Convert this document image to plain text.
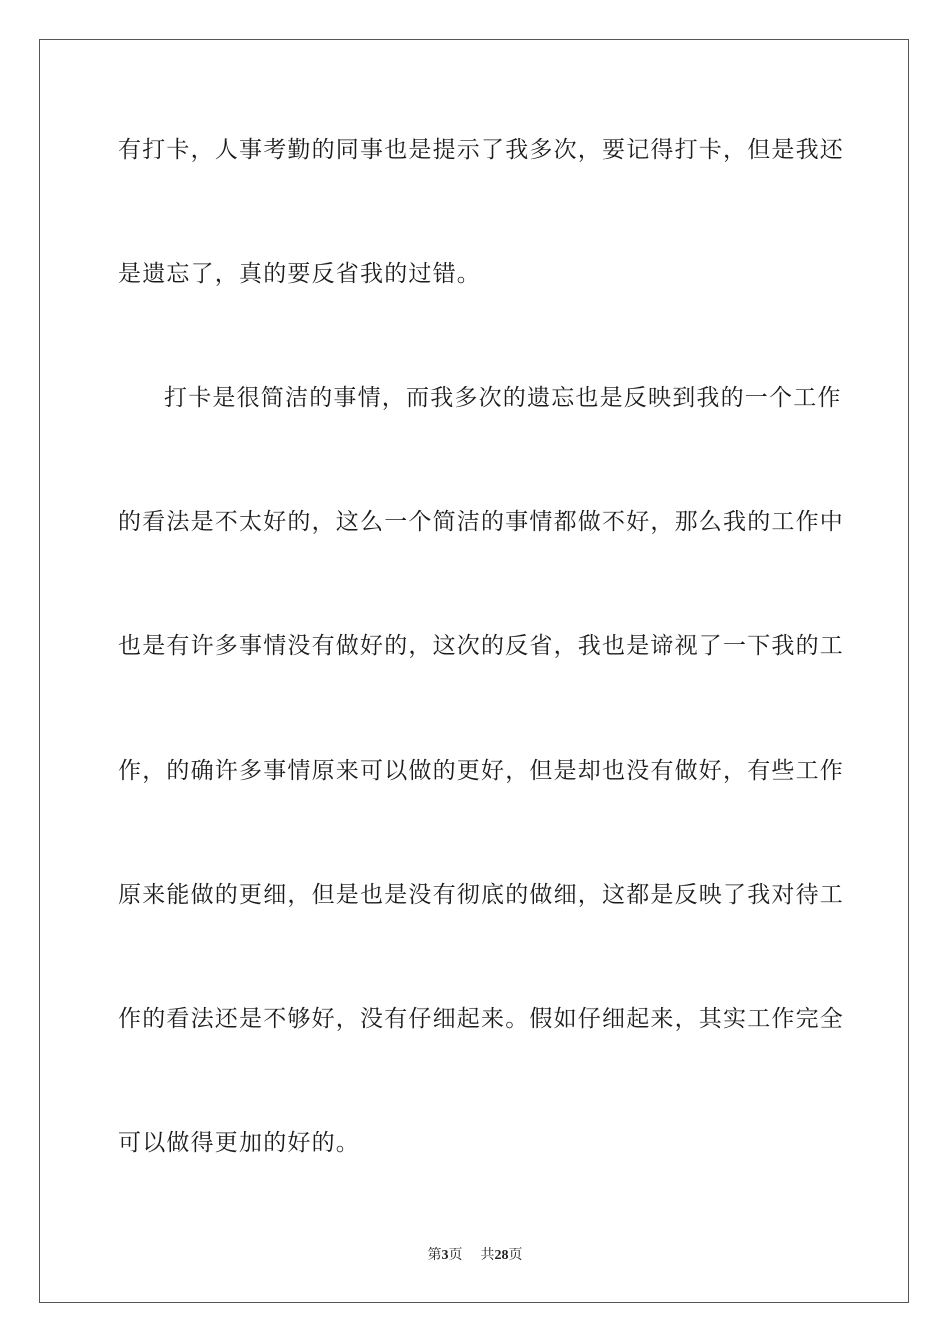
有打卡，人事考勤的同事也是提示了我多次，要记得打卡，但是我还
是遗忘了，真的要反省我的过错。
打卡是很简洁的事情，而我多次的遗忘也是反映到我的一个工作
的看法是不太好的，这么一个简洁的事情都做不好，那么我的工作中
也是有许多事情没有做好的，这次的反省，我也是谛视了一下我的工
作，的确许多事情原来可以做的更好，但是却也没有做好，有些工作
原来能做的更细，但是也是没有彻底的做细，这都是反映了我对待工
作的看法还是不够好，没有仔细起来。假如仔细起来，其实工作完全
可以做得更加的好的。
第3页 共28页
